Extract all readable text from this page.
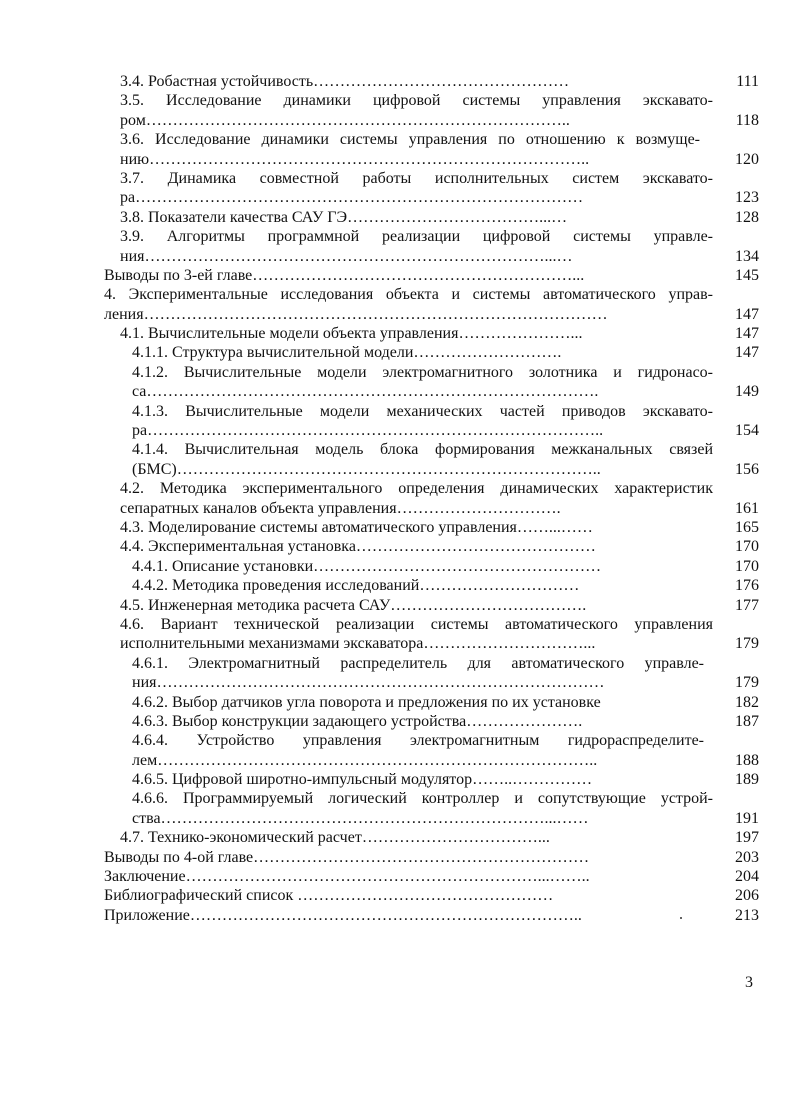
3.4. Робастная устойчивость…………………………………………	111
3.5. Исследование динамики цифровой системы управления экскавато-
ром……………………………………………………………………..	118
3.6. Исследование динамики системы управления по отношению к возмуще-
нию………………………………………………………………………..	120
3.7. Динамика совместной работы исполнительных систем экскавато-
ра…………………………………………………………………………	123
3.8. Показатели качества САУ ГЭ………………………………...…	128
3.9. Алгоритмы программной реализации цифровой системы управле-
ния…………………………………………………………………...…	134
Выводы по 3-ей главе……………………………………………………...	145
4. Экспериментальные исследования объекта и системы автоматического управ-
ления……………………………………………………………………………	147
4.1. Вычислительные модели объекта управления…………………...	147
4.1.1. Структура вычислительной модели……………………….	147
4.1.2. Вычислительные модели электромагнитного золотника и гидронасо-
са………………………………………………………………………….	149
4.1.3. Вычислительные модели механических частей приводов экскавато-
ра…………………………………………………………………………..	154
4.1.4. Вычислительная модель блока формирования межканальных связей
(БМС)……………………………………………………………………..	156
4.2. Методика экспериментального определения динамических характеристик
сепаратных каналов объекта управления………………………….	161
4.3. Моделирование системы автоматического управления……...……	165
4.4. Экспериментальная установка………………………………………	170
4.4.1. Описание установки………………………………………………	170
4.4.2. Методика проведения исследований…………………………	176
4.5. Инженерная методика расчета САУ……………………………….	177
4.6. Вариант технической реализации системы автоматического управления
исполнительными механизмами экскаватора…………………………...	179
4.6.1. Электромагнитный распределитель для автоматического управле-
ния…………………………………………………………………………	179
4.6.2. Выбор датчиков угла поворота и предложения по их установке	182
4.6.3. Выбор конструкции задающего устройства………………….	187
4.6.4. Устройство управления электромагнитным гидрораспределите-
лем………………………………………………………………………..	188
4.6.5. Цифровой широтно-импульсный модулятор……..……………	189
4.6.6. Программируемый логический контроллер и сопутствующие устрой-
ства………………………………………………………………...……	191
4.7. Технико-экономический расчет……………………………...	197
Выводы по 4-ой главе………………………………………………………	203
Заключение…………………………………………………………...……..	204
Библиографический список …………………………………………	206
Приложение………………………………………………………………..	213
3
